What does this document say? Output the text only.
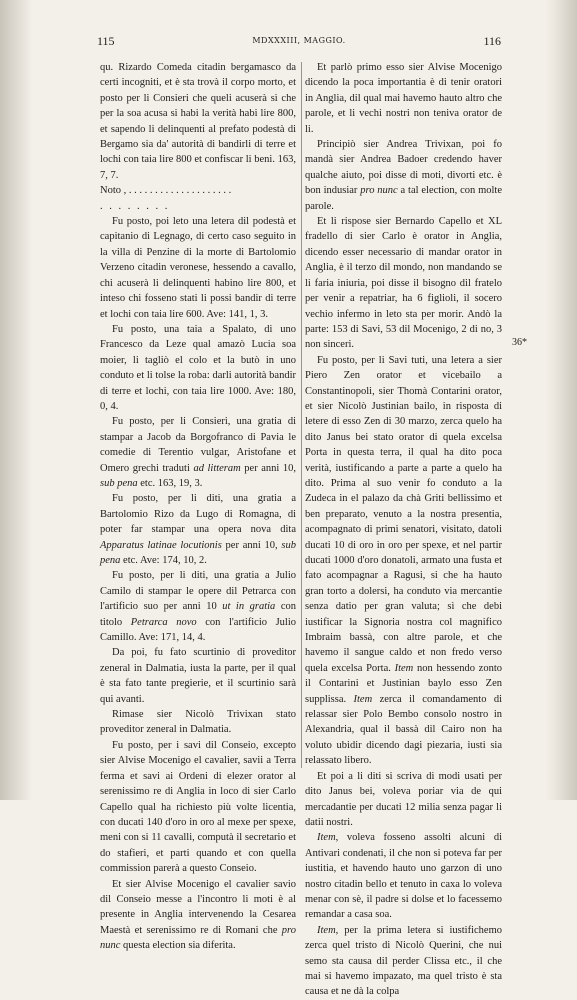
115	MDXXXIII, MAGGIO.	116

qu. Rizardo Comeda citadin bergamasco da certi incogniti, et è sta trovà il corpo morto, et posto per li Consieri che queli acuserà sì che per la soa acusa si habi la verità habi lire 800, et sapendo li delinquenti al prefato podestà di Bergamo sia da' autorità di bandirli di terre et lochi con taia lire 800 et confiscar li beni. 163, 7, 7.

Noto , . . . . . . . . . . . . . . . . . . . .

. . . . . . . .

Fu posto, poi leto una letera dil podestà et capitanio di Legnago, di certo caso seguito in la villa di Penzine di la morte di Bartolomio Verzeno citadin veronese, hessendo a cavallo, chi acuserà li delinquenti habino lire 800, et inteso chi fosseno stati li possi bandir di terre et lochi con taia lire 600. Ave: 141, 1, 3.

Fu posto, una taia a Spalato, di uno Francesco da Leze qual amazò Lucia soa moier, li tagliò el colo et la butò in uno conduto et li tolse la roba: darli autorità bandir di terre et lochi, con taia lire 1000. Ave: 180, 0, 4.

Fu posto, per li Consieri, una gratia di stampar a Jacob da Borgofranco di Pavia le comedie di Terentio vulgar, Aristofane et Omero grechi traduti ad litteram per anni 10, sub pena etc. 163, 19, 3.

Fu posto, per li diti, una gratia a Bartolomio Rizo da Lugo di Romagna, di poter far stampar una opera nova dita Apparatus latinae locutionis per anni 10, sub pena etc. Ave: 174, 10, 2.

Fu posto, per li diti, una gratia a Julio Camilo di stampar le opere dil Petrarca con l'artificio suo per anni 10 ut in gratia con titolo Petrarca novo con l'artificio Julio Camillo. Ave: 171, 14, 4.

Da poi, fu fato scurtinio di proveditor zeneral in Dalmatia, iusta la parte, per il qual è sta fato tante pregierie, et il scurtinio sarà qui avanti.

Rimase sier Nicolò Trivixan stato proveditor zeneral in Dalmatia.

Fu posto, per i savi dil Conseio, excepto sier Alvise Mocenigo el cavalier, savii a Terra ferma et savi ai Ordeni di elezer orator al serenissimo re di Anglia in loco di sier Carlo Capello qual ha richiesto più volte licentia, con ducati 140 d'oro in oro al mexe per spexe, meni con si 11 cavalli, computà il secretario et do stafieri, et parti quando et con quella commission parerà a questo Conseio.

Et sier Alvise Mocenigo el cavalier savio dil Conseio messe a l'incontro li moti è al presente in Anglia intervenendo la Cesarea Maestà et serenissimo re di Romani che pro nunc questa election sia diferita.

Et parlò primo esso sier Alvise Mocenigo dicendo la poca importantia è di tenir oratori in Anglia, dil qual mai havemo hauto altro che parole, et li vechi nostri non teniva orator de li.

Principiò sier Andrea Trivixan, poi fo mandà sier Andrea Badoer credendo haver qualche aiuto, poi disse di moti, divorti etc. è bon indusiar pro nunc a tal election, con molte parole.

Et li rispose sier Bernardo Capello et XL fradello di sier Carlo è orator in Anglia, dicendo esser necessario di mandar orator in Anglia, è il terzo dil mondo, non mandando se li faria iniuria, poi disse il bisogno dil fratelo per venir a repatriar, ha 6 figlioli, il socero vechio infermo in leto sta per morir. Andò la parte: 153 di Savi, 53 dil Mocenigo, 2 di no, 3 non sinceri.

Fu posto, per li Savi tuti, una letera a sier Piero Zen orator et vicebailo a Constantinopoli, sier Thomà Contarini orator, et sier Nicolò Justinian bailo, in risposta di letere di esso Zen di 30 marzo, zerca quelo ha dito Janus bei stato orator di quela excelsa Porta in questa terra, il qual ha dito poca verità, iustificando a parte a parte a quelo ha dito. Prima al suo venir fo conduto a la Zudeca in el palazo da chà Griti bellissimo et ben preparato, venuto a la nostra presentia, acompagnato di primi senatori, visitato, datoli ducati 10 di oro in oro per spexe, et nel partir ducati 1000 d'oro donatoli, armato una fusta et fato acompagnar a Ragusi, si che ha hauto gran torto a dolersi, ha conduto via mercantie senza datio per gran valuta; sì che debi iustificar la Signoria nostra col magnifico Imbraim bassà, con altre parole, et che havemo il sangue caldo et non fredo verso quela excelsa Porta. Item non hessendo zonto il Contarini et Justinian baylo esso Zen supplissa. Item zerca il comandamento di relassar sier Polo Bembo consolo nostro in Alexandria, qual il bassà dil Cairo non ha voluto ubidir dicendo dagi piezaria, iusti sia relassato libero.

Et poi a li diti si scriva di modi usati per dito Janus bei, voleva poriar via de qui mercadantie per ducati 12 milia senza pagar li datii nostri.

Item, voleva fosseno assolti alcuni di Antivari condenati, il che non si poteva far per iustitia, et havendo hauto uno garzon di uno nostro citadin bello et tenuto in caxa lo voleva menar con sè, il padre si dolse et lo facessemo remandar a casa soa.

Item, per la prima letera si iustifichemo zerca quel tristo di Nicolò Querini, che nui semo sta causa dil perder Clissa etc., il che mai si havemo impazato, ma quel tristo è sta causa et ne dà la colpa

36*
